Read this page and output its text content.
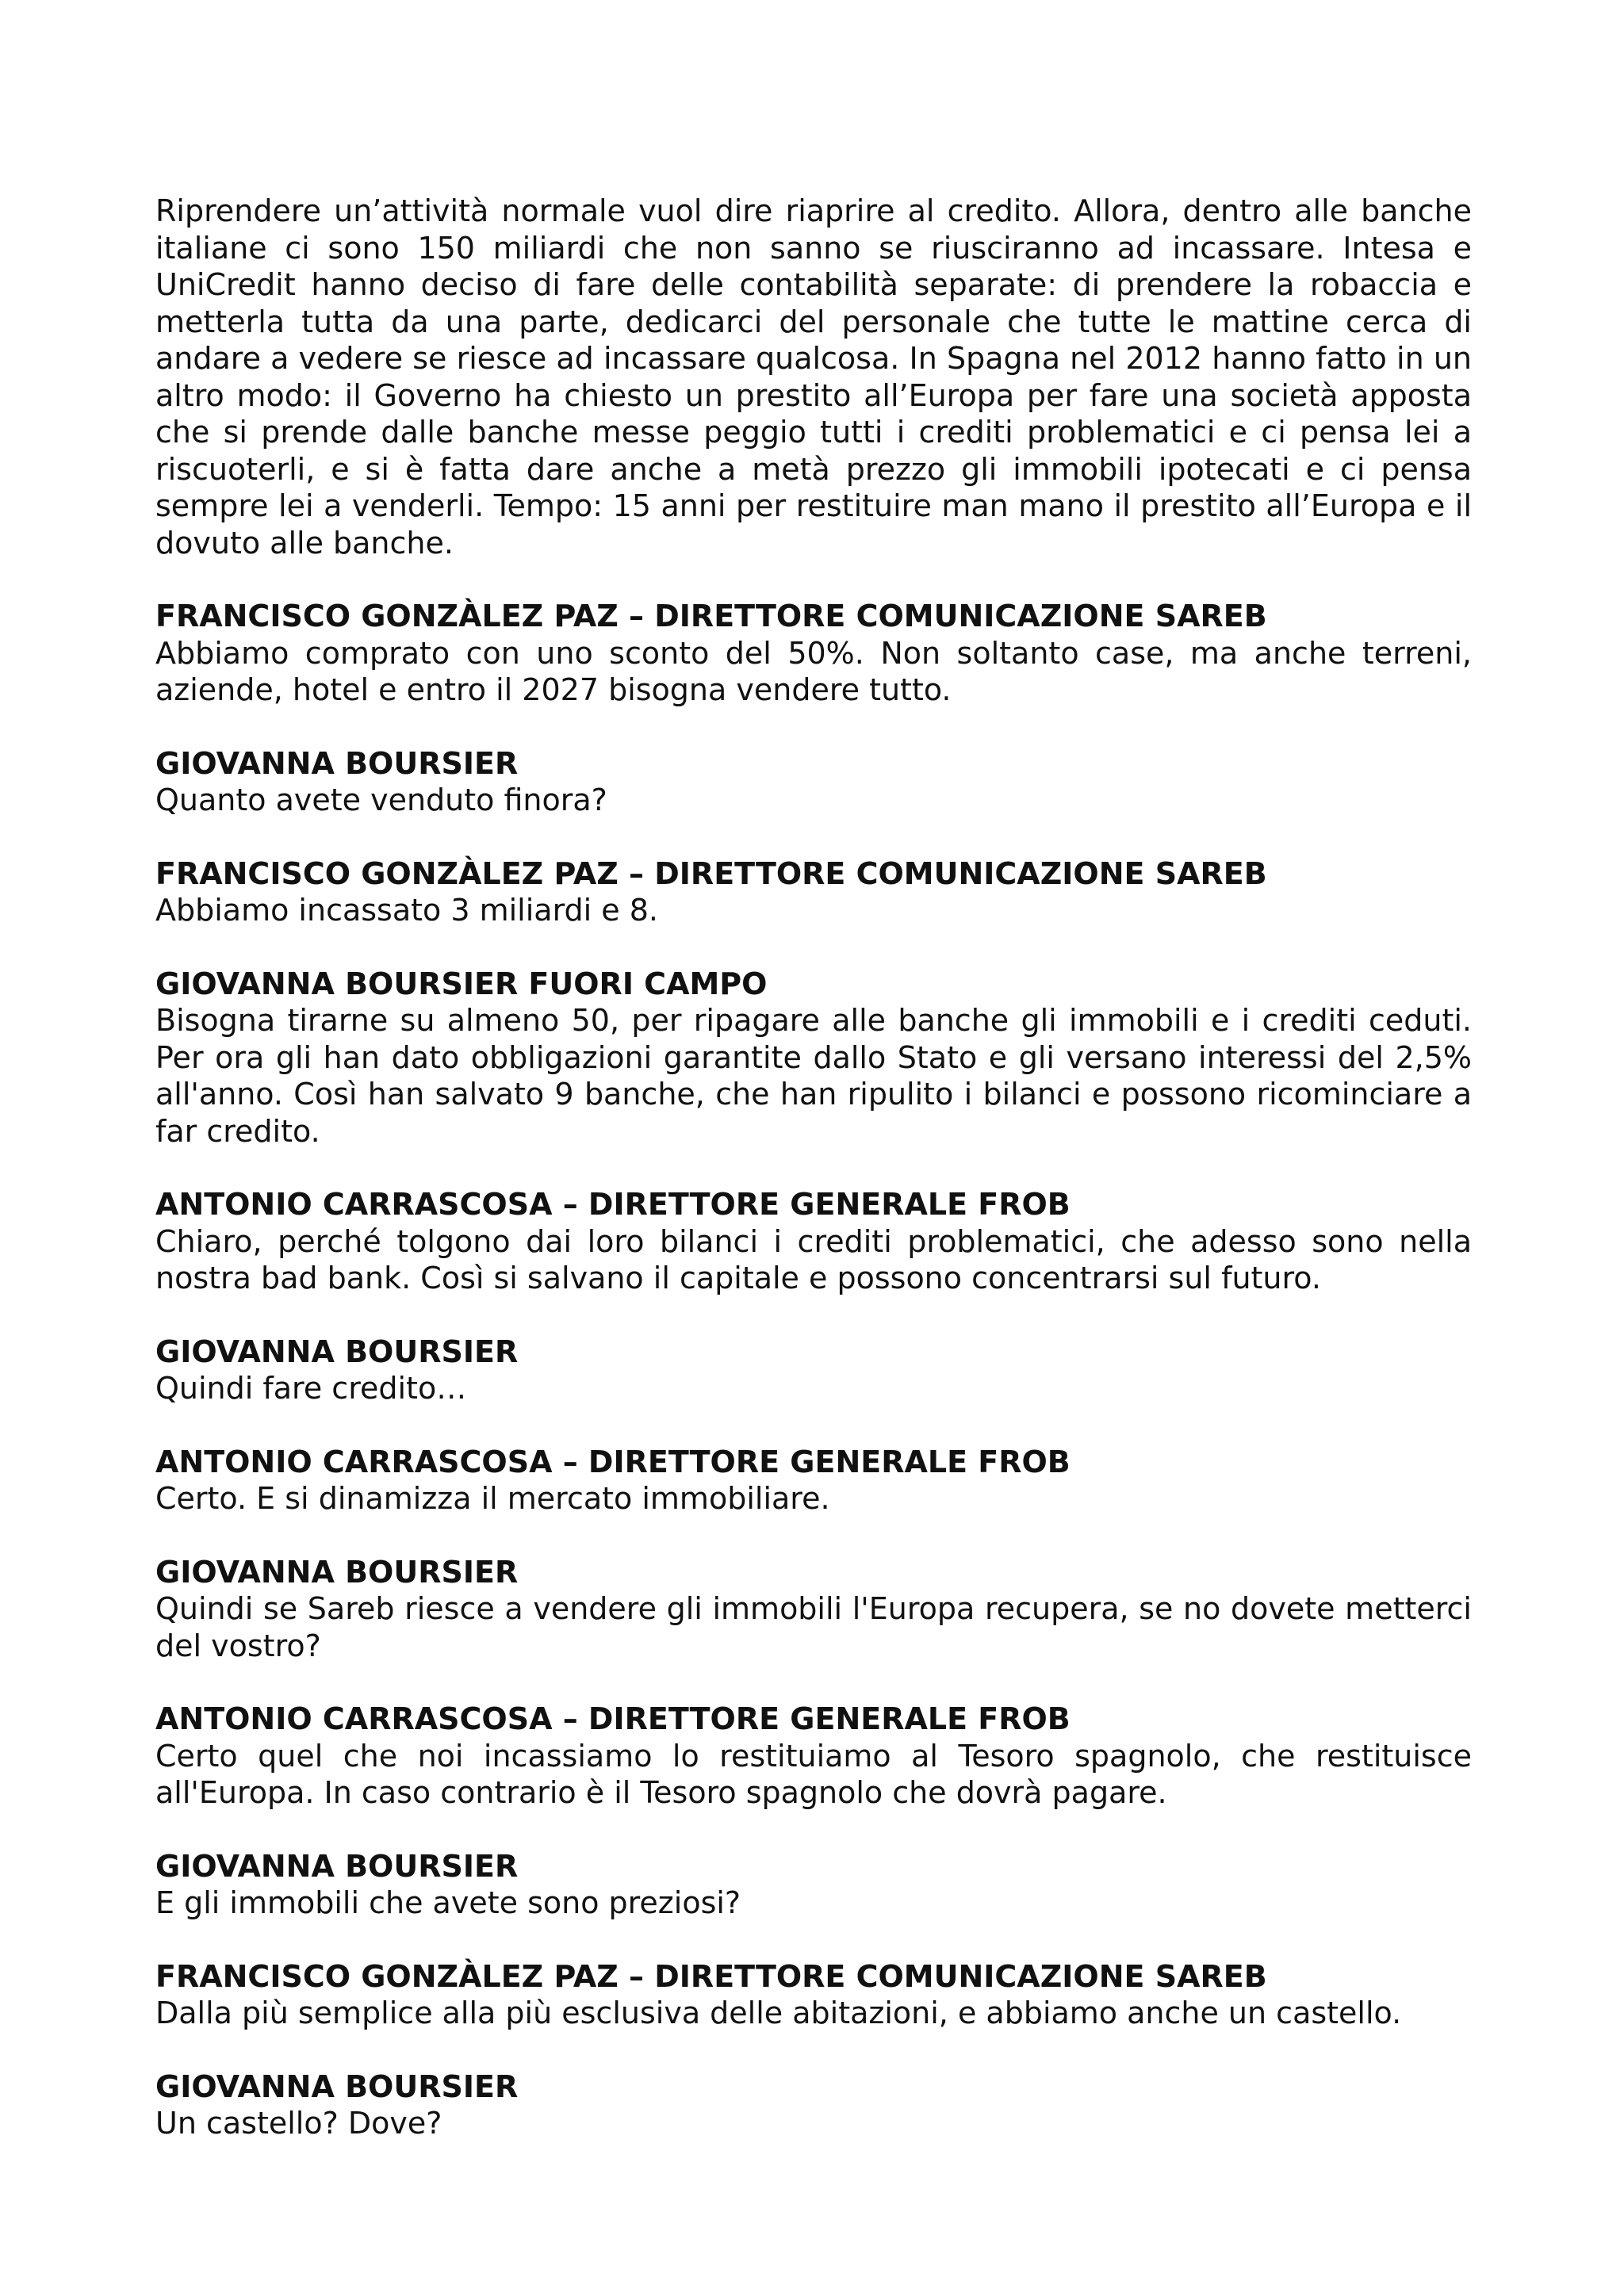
Riprendere un’attività normale vuol dire riaprire al credito. Allora, dentro alle banche italiane ci sono 150 miliardi che non sanno se riusciranno ad incassare. Intesa e UniCredit hanno deciso di fare delle contabilità separate: di prendere la robaccia e metterla tutta da una parte, dedicarci del personale che tutte le mattine cerca di andare a vedere se riesce ad incassare qualcosa. In Spagna nel 2012 hanno fatto in un altro modo: il Governo ha chiesto un prestito all’Europa per fare una società apposta che si prende dalle banche messe peggio tutti i crediti problematici e ci pensa lei a riscuoterli, e si è fatta dare anche a metà prezzo gli immobili ipotecati e ci pensa sempre lei a venderli. Tempo: 15 anni per restituire man mano il prestito all’Europa e il dovuto alle banche.

FRANCISCO GONZÀLEZ PAZ – DIRETTORE COMUNICAZIONE SAREB

Abbiamo comprato con uno sconto del 50%. Non soltanto case, ma anche terreni, aziende, hotel e entro il 2027 bisogna vendere tutto.

GIOVANNA BOURSIER

Quanto avete venduto finora?

FRANCISCO GONZÀLEZ PAZ – DIRETTORE COMUNICAZIONE SAREB

Abbiamo incassato 3 miliardi e 8.

GIOVANNA BOURSIER FUORI CAMPO

Bisogna tirarne su almeno 50, per ripagare alle banche gli immobili e i crediti ceduti. Per ora gli han dato obbligazioni garantite dallo Stato e gli versano interessi del 2,5% all'anno. Così han salvato 9 banche, che han ripulito i bilanci e possono ricominciare a far credito.

ANTONIO CARRASCOSA – DIRETTORE GENERALE FROB

Chiaro, perché tolgono dai loro bilanci i crediti problematici, che adesso sono nella nostra bad bank. Così si salvano il capitale e possono concentrarsi sul futuro.

GIOVANNA BOURSIER

Quindi fare credito…

ANTONIO CARRASCOSA – DIRETTORE GENERALE FROB

Certo. E si dinamizza il mercato immobiliare.

GIOVANNA BOURSIER

Quindi se Sareb riesce a vendere gli immobili l'Europa recupera, se no dovete metterci del vostro?

ANTONIO CARRASCOSA – DIRETTORE GENERALE FROB

Certo quel che noi incassiamo lo restituiamo al Tesoro spagnolo, che restituisce all'Europa. In caso contrario è il Tesoro spagnolo che dovrà pagare.

GIOVANNA BOURSIER

E gli immobili che avete sono preziosi?

FRANCISCO GONZÀLEZ PAZ – DIRETTORE COMUNICAZIONE SAREB

Dalla più semplice alla più esclusiva delle abitazioni, e abbiamo anche un castello.

GIOVANNA BOURSIER

Un castello? Dove?
